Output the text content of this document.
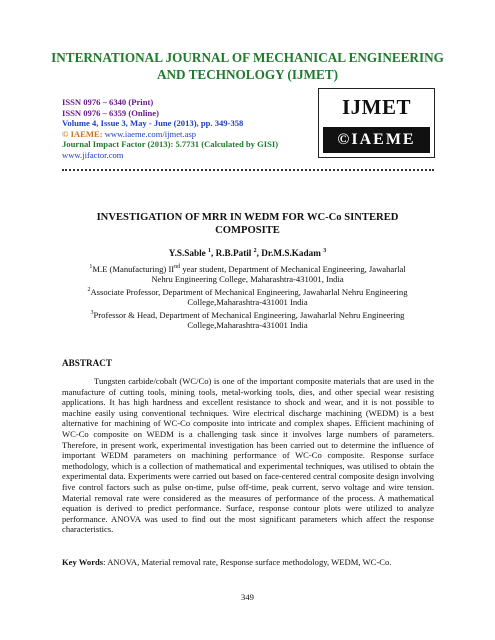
INTERNATIONAL JOURNAL OF MECHANICAL ENGINEERING
AND TECHNOLOGY (IJMET)
ISSN 0976 – 6340 (Print)
ISSN 0976 – 6359 (Online)
Volume 4, Issue 3, May - June (2013), pp. 349-358
© IAEME: www.iaeme.com/ijmet.asp
Journal Impact Factor (2013): 5.7731 (Calculated by GISI)
www.jifactor.com
IJMET
©IAEME
INVESTIGATION OF MRR IN WEDM FOR WC-Co SINTERED
COMPOSITE
Y.S.Sable $^1$, R.B.Patil $^2$, Dr.M.S.Kadam $^3$
$^1$M.E (Manufacturing) IInd year student, Department of Mechanical Engineering, Jawaharlal
Nehru Engineering College, Maharashtra-431001, India
$^2$Associate Professor, Department of Mechanical Engineering, Jawaharlal Nehru Engineering
College,Maharashtra-431001 India
$^3$Professor & Head, Department of Mechanical Engineering, Jawaharlal Nehru Engineering
College,Maharashtra-431001 India
ABSTRACT
Tungsten carbide/cobalt (WC/Co) is one of the important composite materials that are used in the manufacture of cutting tools, mining tools, metal-working tools, dies, and other special wear resisting applications. It has high hardness and excellent resistance to shock and wear, and it is not possible to machine easily using conventional techniques. Wire electrical discharge machining (WEDM) is a best alternative for machining of WC-Co composite into intricate and complex shapes. Efficient machining of WC-Co composite on WEDM is a challenging task since it involves large numbers of parameters. Therefore, in present work, experimental investigation has been carried out to determine the influence of important WEDM parameters on machining performance of WC-Co composite. Response surface methodology, which is a collection of mathematical and experimental techniques, was utilised to obtain the experimental data. Experiments were carried out based on face-centered central composite design involving five control factors such as pulse on-time, pulse off-time, peak current, servo voltage and wire tension. Material removal rate were considered as the measures of performance of the process. A mathematical equation is derived to predict performance. Surface, response contour plots were utilized to analyze performance. ANOVA was used to find out the most significant parameters which affect the response characteristics.
Key Words: ANOVA, Material removal rate, Response surface methodology, WEDM, WC-Co.
349
